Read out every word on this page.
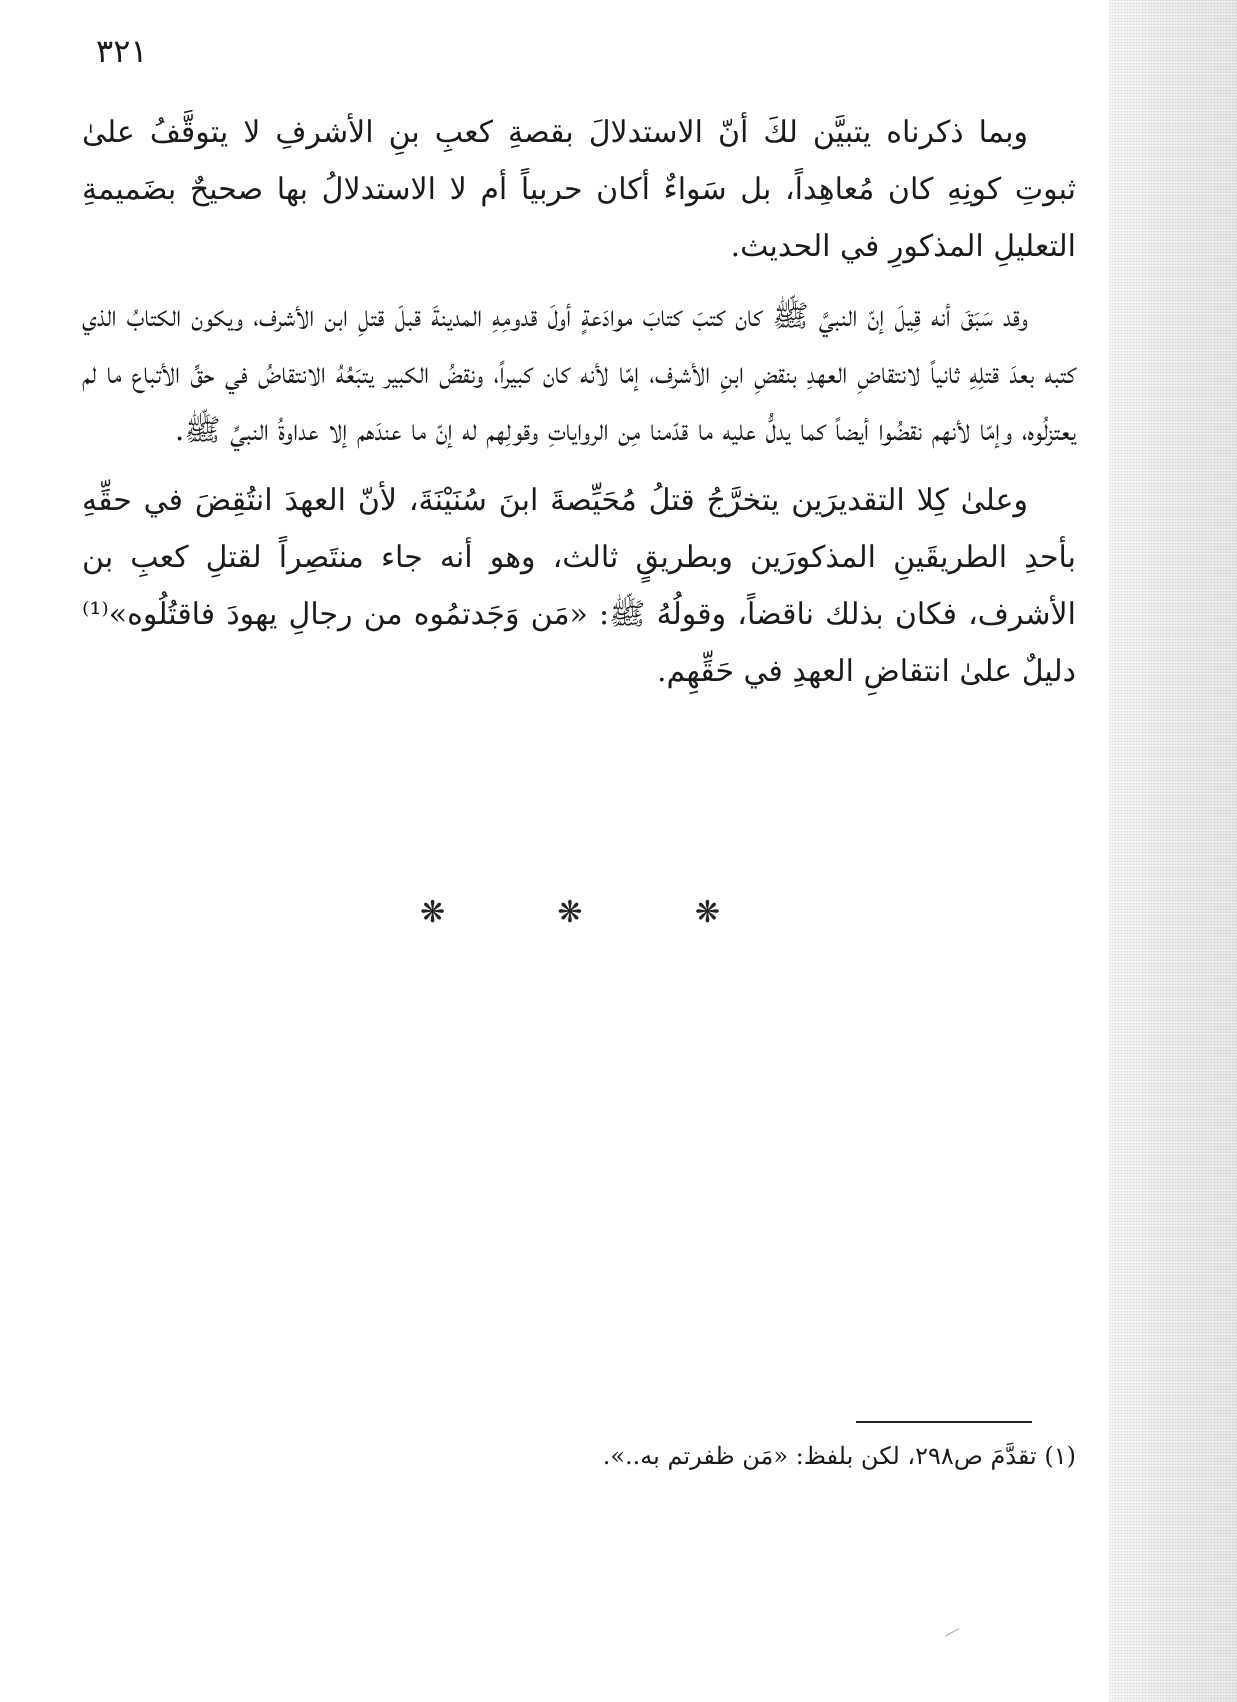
٣٢١

وبما ذكرناه يتبيَّن لكَ أنّ الاستدلالَ بقصةِ كعبِ بنِ الأشرفِ لا يتوقَّفُ علىٰ ثبوتِ كونِهِ كان مُعاهِداً، بل سَواءٌ أكان حربياً أم لا الاستدلالُ بها صحيحٌ بضَميمةِ التعليلِ المذكورِ في الحديث.

وقد سَبَقَ أنه قِيلَ إنّ النبيَّ ﷺ كان كتبَ كتابَ موادَعةٍ أولَ قدومِهِ المدينةَ قبلَ قتلِ ابن الأشرف، ويكون الكتابُ الذي كتبه بعدَ قتلِهِ ثانياً لانتقاضِ العهدِ بنقضِ ابنِ الأشرف، إمّا لأنه كان كبيراً، ونقضُ الكبير يتبَعُهُ الانتقاضُ في حقِّ الأتباع ما لم يعتزلُوه، وإمّا لأنهم نقضُوا أيضاً كما يدلُّ عليه ما قدّمنا مِن الرواياتِ وقولِهم له إنّ ما عندَهم إلا عداوةُ النبيِّ ﷺ.

وعلىٰ كِلا التقديرَين يتخرَّجُ قتلُ مُحَيِّصةَ ابنَ سُنَيْنَةَ، لأنّ العهدَ انتُقِضَ في حقِّهِ بأحدِ الطريقَينِ المذكورَين وبطريقٍ ثالث، وهو أنه جاء منتَصِراً لقتلِ كعبِ بن الأشرف، فكان بذلك ناقضاً، وقولُهُ ﷺ: «مَن وَجَدتمُوه من رجالِ يهودَ فاقتُلُوه»⁽¹⁾ دليلٌ علىٰ انتقاضِ العهدِ في حَقِّهِم.

❋	❋	❋
(١) تقدَّمَ ص٢٩٨، لكن بلفظ: «مَن ظفرتم به..».
